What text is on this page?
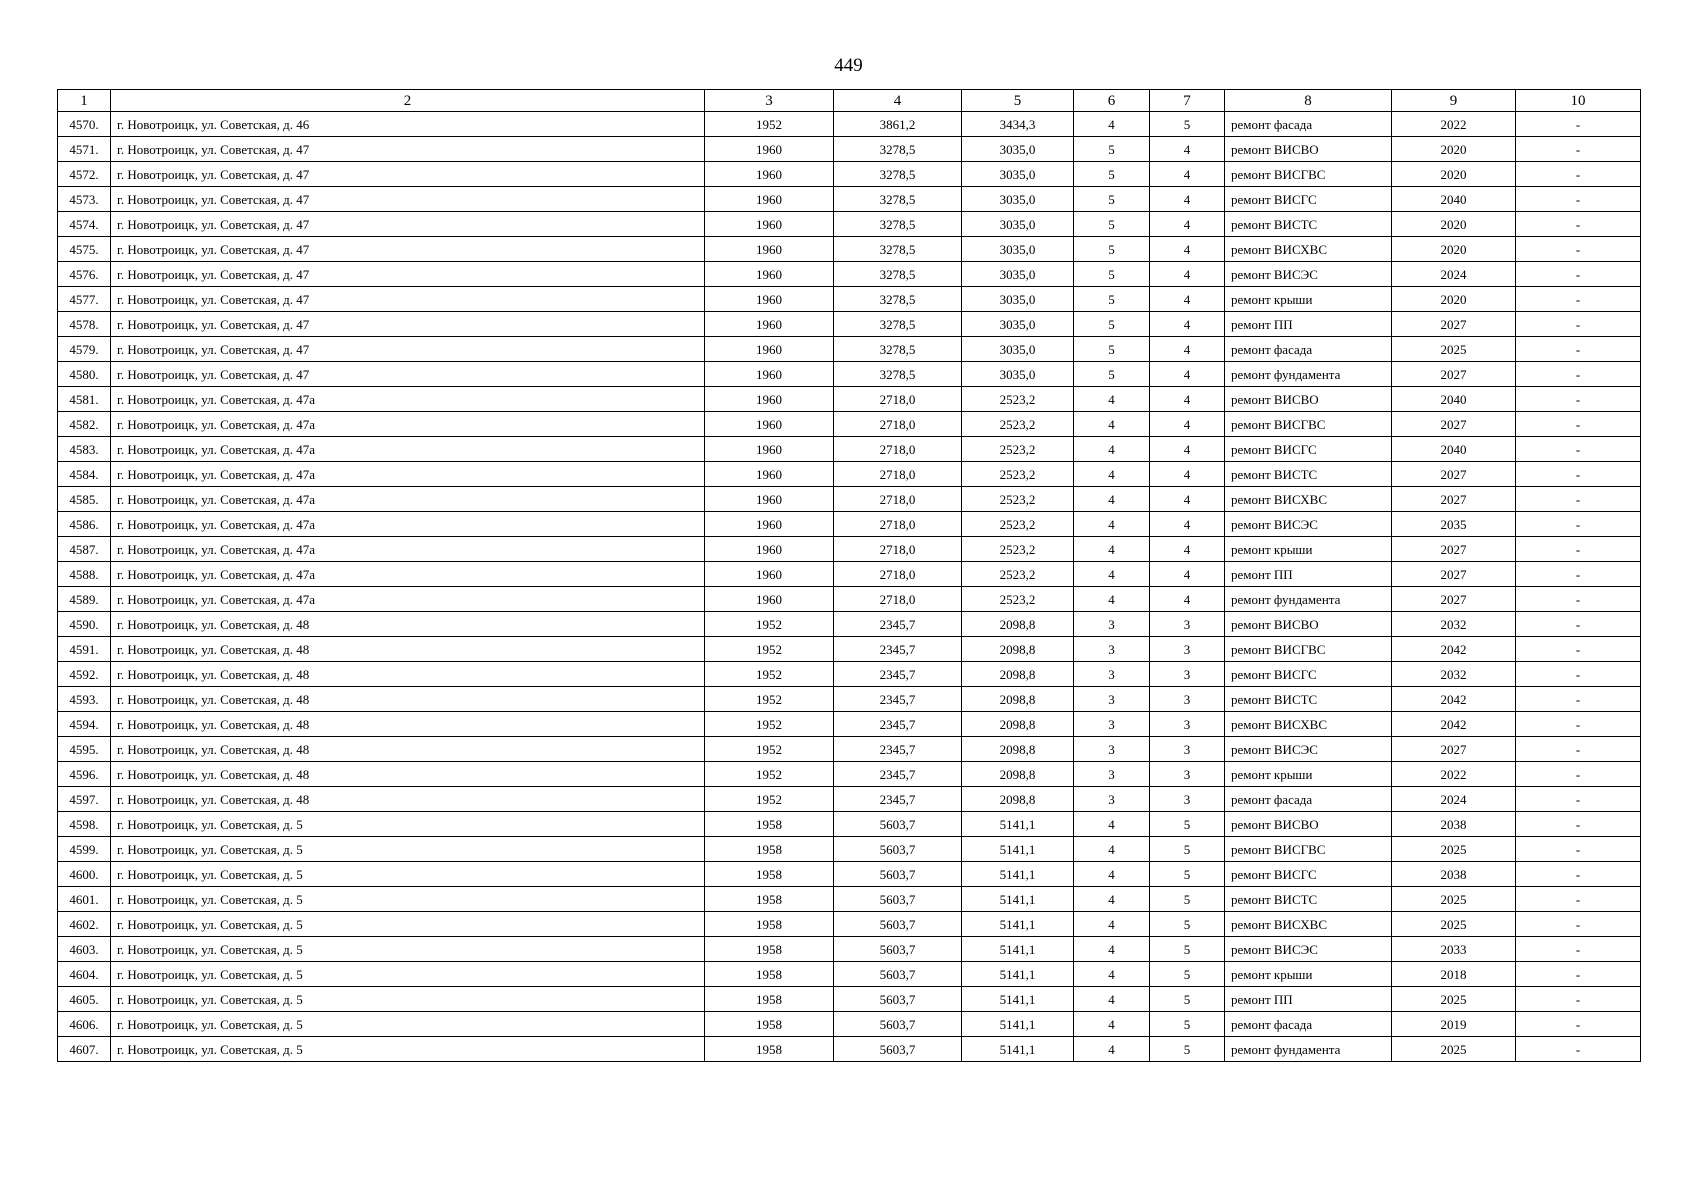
449
1	2	3	4	5	6	7	8	9	10
4570.	г. Новотроицк, ул. Советская, д. 46	1952	3861,2	3434,3	4	5	ремонт фасада	2022	-
4571.	г. Новотроицк, ул. Советская, д. 47	1960	3278,5	3035,0	5	4	ремонт ВИСВО	2020	-
4572.	г. Новотроицк, ул. Советская, д. 47	1960	3278,5	3035,0	5	4	ремонт ВИСГВС	2020	-
4573.	г. Новотроицк, ул. Советская, д. 47	1960	3278,5	3035,0	5	4	ремонт ВИСГС	2040	-
4574.	г. Новотроицк, ул. Советская, д. 47	1960	3278,5	3035,0	5	4	ремонт ВИСТС	2020	-
4575.	г. Новотроицк, ул. Советская, д. 47	1960	3278,5	3035,0	5	4	ремонт ВИСХВС	2020	-
4576.	г. Новотроицк, ул. Советская, д. 47	1960	3278,5	3035,0	5	4	ремонт ВИСЭС	2024	-
4577.	г. Новотроицк, ул. Советская, д. 47	1960	3278,5	3035,0	5	4	ремонт крыши	2020	-
4578.	г. Новотроицк, ул. Советская, д. 47	1960	3278,5	3035,0	5	4	ремонт ПП	2027	-
4579.	г. Новотроицк, ул. Советская, д. 47	1960	3278,5	3035,0	5	4	ремонт фасада	2025	-
4580.	г. Новотроицк, ул. Советская, д. 47	1960	3278,5	3035,0	5	4	ремонт фундамента	2027	-
4581.	г. Новотроицк, ул. Советская, д. 47а	1960	2718,0	2523,2	4	4	ремонт ВИСВО	2040	-
4582.	г. Новотроицк, ул. Советская, д. 47а	1960	2718,0	2523,2	4	4	ремонт ВИСГВС	2027	-
4583.	г. Новотроицк, ул. Советская, д. 47а	1960	2718,0	2523,2	4	4	ремонт ВИСГС	2040	-
4584.	г. Новотроицк, ул. Советская, д. 47а	1960	2718,0	2523,2	4	4	ремонт ВИСТС	2027	-
4585.	г. Новотроицк, ул. Советская, д. 47а	1960	2718,0	2523,2	4	4	ремонт ВИСХВС	2027	-
4586.	г. Новотроицк, ул. Советская, д. 47а	1960	2718,0	2523,2	4	4	ремонт ВИСЭС	2035	-
4587.	г. Новотроицк, ул. Советская, д. 47а	1960	2718,0	2523,2	4	4	ремонт крыши	2027	-
4588.	г. Новотроицк, ул. Советская, д. 47а	1960	2718,0	2523,2	4	4	ремонт ПП	2027	-
4589.	г. Новотроицк, ул. Советская, д. 47а	1960	2718,0	2523,2	4	4	ремонт фундамента	2027	-
4590.	г. Новотроицк, ул. Советская, д. 48	1952	2345,7	2098,8	3	3	ремонт ВИСВО	2032	-
4591.	г. Новотроицк, ул. Советская, д. 48	1952	2345,7	2098,8	3	3	ремонт ВИСГВС	2042	-
4592.	г. Новотроицк, ул. Советская, д. 48	1952	2345,7	2098,8	3	3	ремонт ВИСГС	2032	-
4593.	г. Новотроицк, ул. Советская, д. 48	1952	2345,7	2098,8	3	3	ремонт ВИСТС	2042	-
4594.	г. Новотроицк, ул. Советская, д. 48	1952	2345,7	2098,8	3	3	ремонт ВИСХВС	2042	-
4595.	г. Новотроицк, ул. Советская, д. 48	1952	2345,7	2098,8	3	3	ремонт ВИСЭС	2027	-
4596.	г. Новотроицк, ул. Советская, д. 48	1952	2345,7	2098,8	3	3	ремонт крыши	2022	-
4597.	г. Новотроицк, ул. Советская, д. 48	1952	2345,7	2098,8	3	3	ремонт фасада	2024	-
4598.	г. Новотроицк, ул. Советская, д. 5	1958	5603,7	5141,1	4	5	ремонт ВИСВО	2038	-
4599.	г. Новотроицк, ул. Советская, д. 5	1958	5603,7	5141,1	4	5	ремонт ВИСГВС	2025	-
4600.	г. Новотроицк, ул. Советская, д. 5	1958	5603,7	5141,1	4	5	ремонт ВИСГС	2038	-
4601.	г. Новотроицк, ул. Советская, д. 5	1958	5603,7	5141,1	4	5	ремонт ВИСТС	2025	-
4602.	г. Новотроицк, ул. Советская, д. 5	1958	5603,7	5141,1	4	5	ремонт ВИСХВС	2025	-
4603.	г. Новотроицк, ул. Советская, д. 5	1958	5603,7	5141,1	4	5	ремонт ВИСЭС	2033	-
4604.	г. Новотроицк, ул. Советская, д. 5	1958	5603,7	5141,1	4	5	ремонт крыши	2018	-
4605.	г. Новотроицк, ул. Советская, д. 5	1958	5603,7	5141,1	4	5	ремонт ПП	2025	-
4606.	г. Новотроицк, ул. Советская, д. 5	1958	5603,7	5141,1	4	5	ремонт фасада	2019	-
4607.	г. Новотроицк, ул. Советская, д. 5	1958	5603,7	5141,1	4	5	ремонт фундамента	2025	-
